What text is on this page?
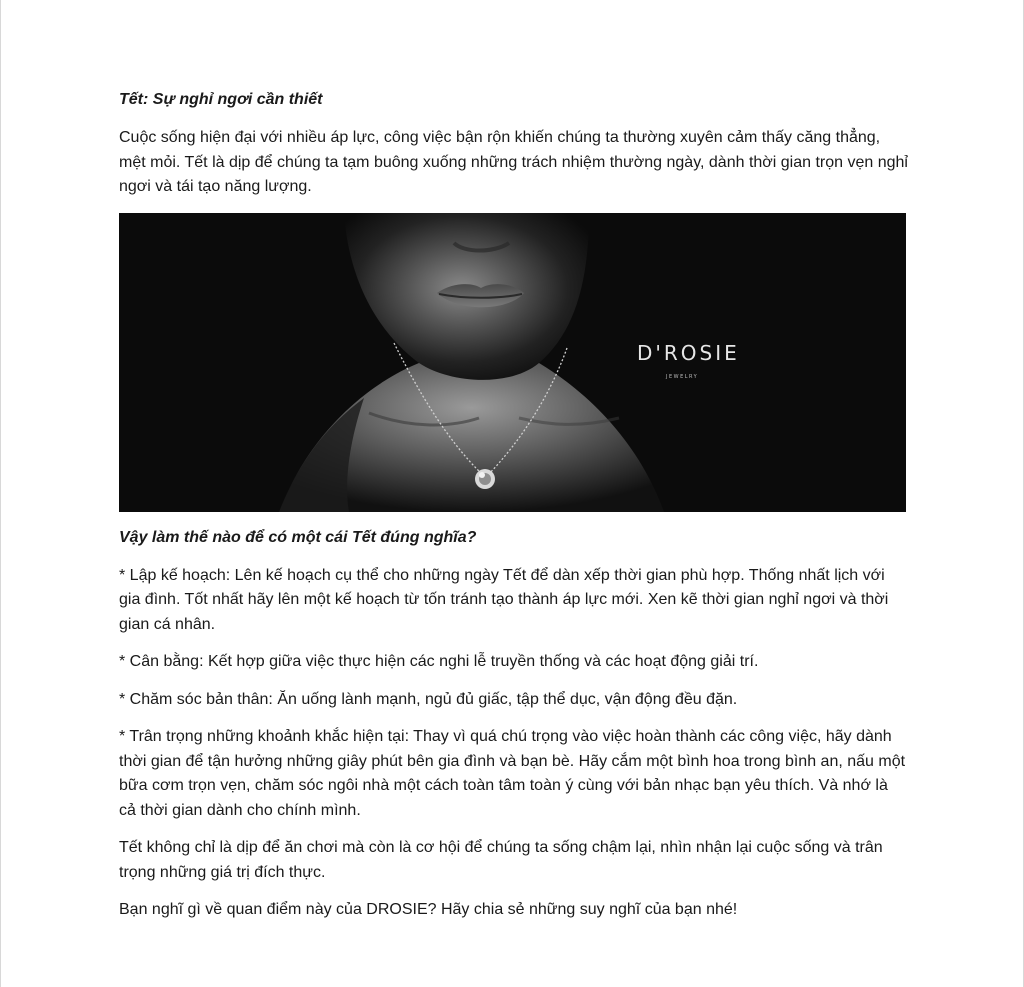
Tết: Sự nghỉ ngơi cần thiết

Cuộc sống hiện đại với nhiều áp lực, công việc bận rộn khiến chúng ta thường xuyên cảm thấy căng thẳng, mệt mỏi. Tết là dịp để chúng ta tạm buông xuống những trách nhiệm thường ngày, dành thời gian trọn vẹn nghỉ ngơi và tái tạo năng lượng.

D'ROSIE
JEWELRY

Vậy làm thế nào để có một cái Tết đúng nghĩa?

* Lập kế hoạch: Lên kế hoạch cụ thể cho những ngày Tết để dàn xếp thời gian phù hợp. Thống nhất lịch với gia đình. Tốt nhất hãy lên một kế hoạch từ tốn tránh tạo thành áp lực mới. Xen kẽ thời gian nghỉ ngơi và thời gian cá nhân.

* Cân bằng: Kết hợp giữa việc thực hiện các nghi lễ truyền thống và các hoạt động giải trí.

* Chăm sóc bản thân: Ăn uống lành mạnh, ngủ đủ giấc, tập thể dục, vận động đều đặn.

* Trân trọng những khoảnh khắc hiện tại: Thay vì quá chú trọng vào việc hoàn thành các công việc, hãy dành thời gian để tận hưởng những giây phút bên gia đình và bạn bè. Hãy cắm một bình hoa trong bình an, nấu một bữa cơm trọn vẹn, chăm sóc ngôi nhà một cách toàn tâm toàn ý cùng với bản nhạc bạn yêu thích. Và nhớ là cả thời gian dành cho chính mình.

Tết không chỉ là dịp để ăn chơi mà còn là cơ hội để chúng ta sống chậm lại, nhìn nhận lại cuộc sống và trân trọng những giá trị đích thực.

Bạn nghĩ gì về quan điểm này của DROSIE? Hãy chia sẻ những suy nghĩ của bạn nhé!
